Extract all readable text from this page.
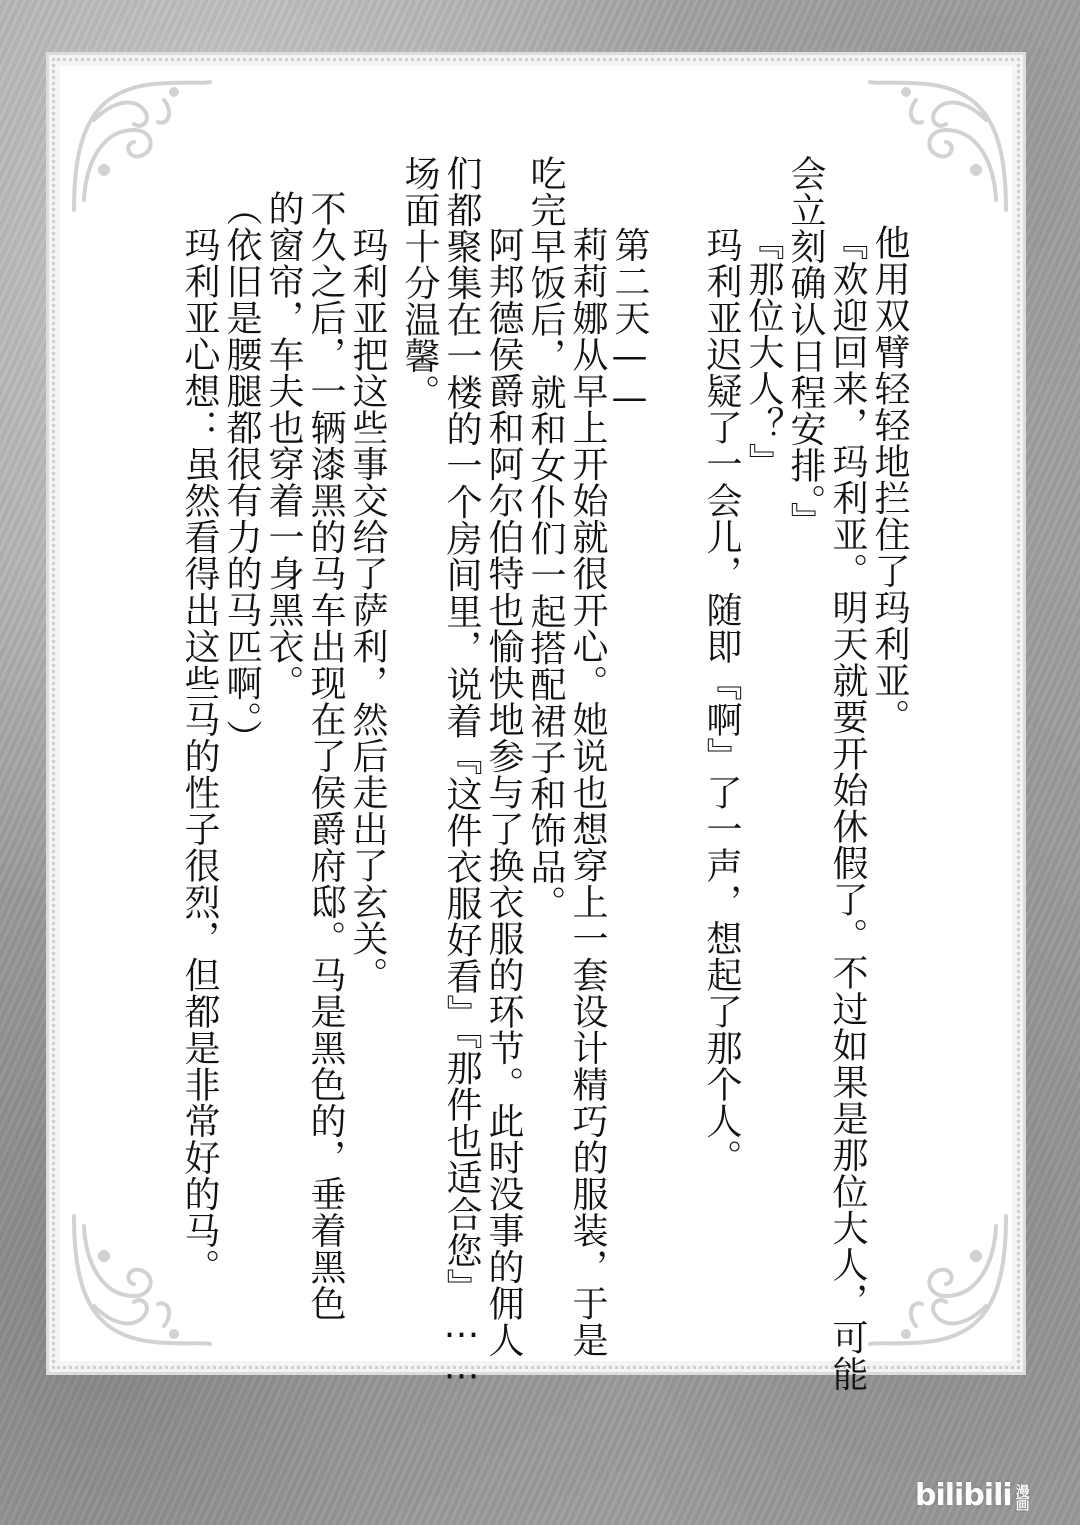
他用双臂轻轻地拦住了玛利亚。
『欢迎回来，玛利亚。明天就要开始休假了。不过如果是那位大人，可能
会立刻确认日程安排。』
『那位大人？』
　玛利亚迟疑了一会儿，随即『啊』了一声，想起了那个人。
　第二天——
　莉莉娜从早上开始就很开心。她说也想穿上一套设计精巧的服装，于是
吃完早饭后，就和女仆们一起搭配裙子和饰品。
　阿邦德侯爵和阿尔伯特也愉快地参与了换衣服的环节。此时没事的佣人
们都聚集在一楼的一个房间里，说着『这件衣服好看』『那件也适合您』……
场面十分温馨。
　玛利亚把这些事交给了萨利，然后走出了玄关。
不久之后，一辆漆黑的马车出现在了侯爵府邸。马是黑色的，垂着黑色
的窗帘，车夫也穿着一身黑衣。
（依旧是腰腿都很有力的马匹啊。）
　玛利亚心想：虽然看得出这些马的性子很烈，但都是非常好的马。
bilibili 漫画
